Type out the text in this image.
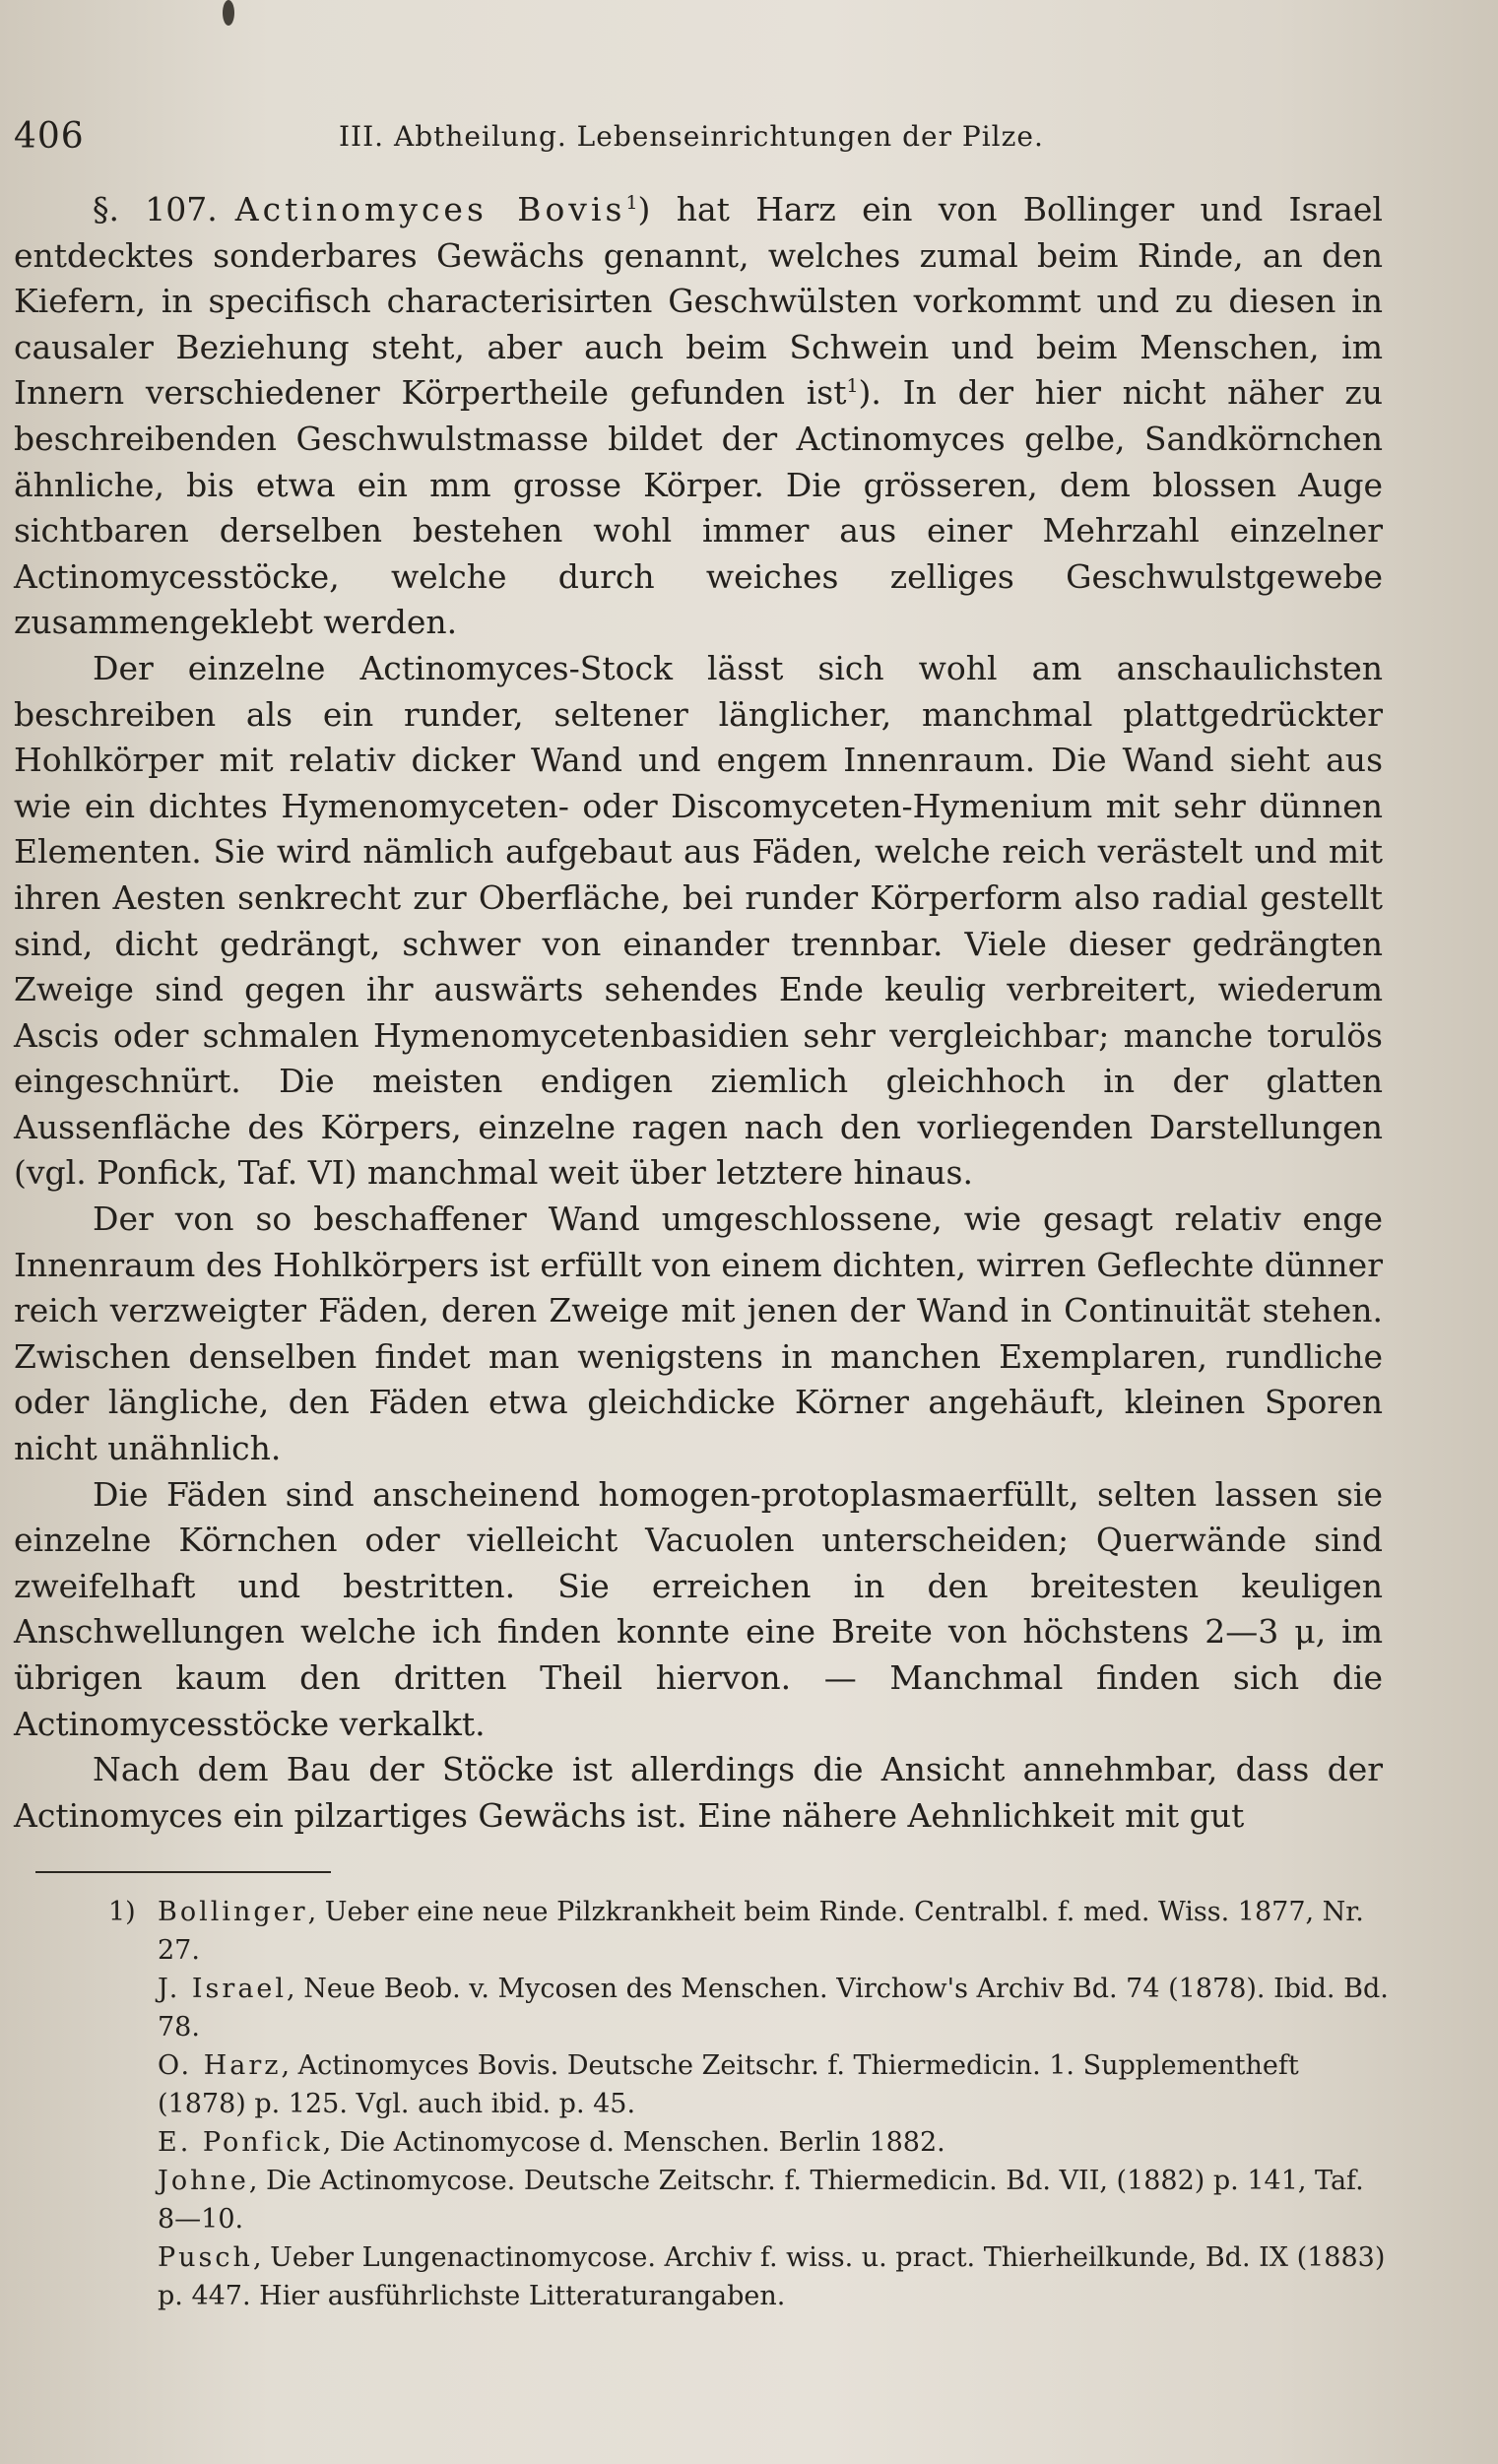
406	III. Abtheilung. Lebenseinrichtungen der Pilze.

§. 107. Actinomyces Bovis$^1$) hat Harz ein von Bollinger und Israel entdecktes sonderbares Gewächs genannt, welches zumal beim Rinde, an den Kiefern, in specifisch characterisirten Geschwülsten vorkommt und zu diesen in causaler Beziehung steht, aber auch beim Schwein und beim Menschen, im Innern verschiedener Körpertheile gefunden ist$^1$). In der hier nicht näher zu beschreibenden Geschwulstmasse bildet der Actinomyces gelbe, Sandkörnchen ähnliche, bis etwa ein mm grosse Körper. Die grösseren, dem blossen Auge sichtbaren derselben bestehen wohl immer aus einer Mehrzahl einzelner Actinomycesstöcke, welche durch weiches zelliges Geschwulstgewebe zusammengeklebt werden.

Der einzelne Actinomyces-Stock lässt sich wohl am anschaulichsten beschreiben als ein runder, seltener länglicher, manchmal plattgedrückter Hohlkörper mit relativ dicker Wand und engem Innenraum. Die Wand sieht aus wie ein dichtes Hymenomyceten- oder Discomyceten-Hymenium mit sehr dünnen Elementen. Sie wird nämlich aufgebaut aus Fäden, welche reich verästelt und mit ihren Aesten senkrecht zur Oberfläche, bei runder Körperform also radial gestellt sind, dicht gedrängt, schwer von einander trennbar. Viele dieser gedrängten Zweige sind gegen ihr auswärts sehendes Ende keulig verbreitert, wiederum Ascis oder schmalen Hymenomycetenbasidien sehr vergleichbar; manche torulös eingeschnürt. Die meisten endigen ziemlich gleichhoch in der glatten Aussenfläche des Körpers, einzelne ragen nach den vorliegenden Darstellungen (vgl. Ponfick, Taf. VI) manchmal weit über letztere hinaus.

Der von so beschaffener Wand umgeschlossene, wie gesagt relativ enge Innenraum des Hohlkörpers ist erfüllt von einem dichten, wirren Geflechte dünner reich verzweigter Fäden, deren Zweige mit jenen der Wand in Continuität stehen. Zwischen denselben findet man wenigstens in manchen Exemplaren, rundliche oder längliche, den Fäden etwa gleichdicke Körner angehäuft, kleinen Sporen nicht unähnlich.

Die Fäden sind anscheinend homogen-protoplasmaerfüllt, selten lassen sie einzelne Körnchen oder vielleicht Vacuolen unterscheiden; Querwände sind zweifelhaft und bestritten. Sie erreichen in den breitesten keuligen Anschwellungen welche ich finden konnte eine Breite von höchstens 2—3 μ, im übrigen kaum den dritten Theil hiervon. — Manchmal finden sich die Actinomycesstöcke verkalkt.

Nach dem Bau der Stöcke ist allerdings die Ansicht annehmbar, dass der Actinomyces ein pilzartiges Gewächs ist. Eine nähere Aehnlichkeit mit gut

1) Bollinger, Ueber eine neue Pilzkrankheit beim Rinde. Centralbl. f. med. Wiss. 1877, Nr. 27.

J. Israel, Neue Beob. v. Mycosen des Menschen. Virchow's Archiv Bd. 74 (1878). Ibid. Bd. 78.

O. Harz, Actinomyces Bovis. Deutsche Zeitschr. f. Thiermedicin. 1. Supplementheft (1878) p. 125. Vgl. auch ibid. p. 45.

E. Ponfick, Die Actinomycose d. Menschen. Berlin 1882.

Johne, Die Actinomycose. Deutsche Zeitschr. f. Thiermedicin. Bd. VII, (1882) p. 141, Taf. 8—10.

Pusch, Ueber Lungenactinomycose. Archiv f. wiss. u. pract. Thierheilkunde, Bd. IX (1883) p. 447. Hier ausführlichste Litteraturangaben.
